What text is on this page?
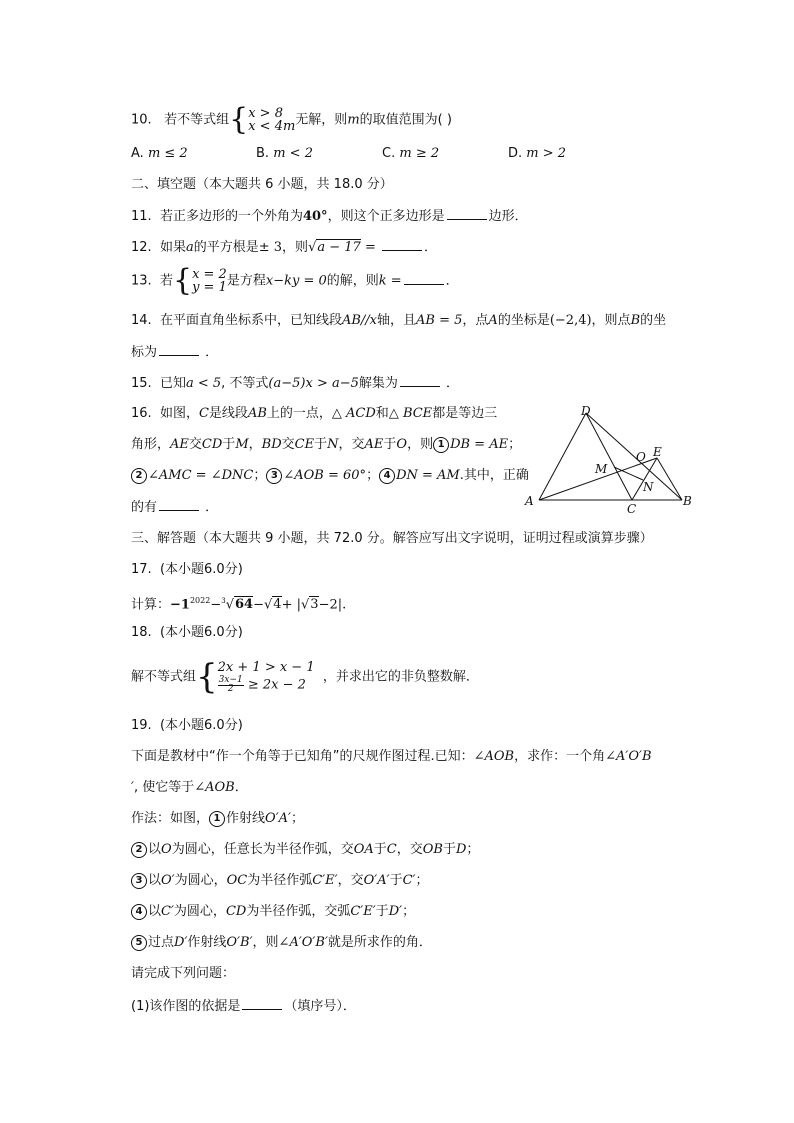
10. 若不等式组{x > 8
x < 4m无解，则m的取值范围为( )
A. m ≤ 2	B. m < 2	C. m ≥ 2	D. m > 2
二、填空题（本大题共 6 小题，共 18.0 分）
11. 若正多边形的一个外角为40°，则这个正多边形是	边形．
12. 如果a的平方根是± 3，则√a − 17 =	．
13. 若{x = 2
y = 1是方程x−ky = 0的解，则k =	．
14. 在平面直角坐标系中，已知线段AB//x轴，且AB = 5，点A的坐标是(−2,4)，则点B的坐
标为	．
15. 已知a < 5, 不等式(a−5)x > a−5解集为	．
16. 如图，C是线段AB上的一点，△ ACD和△ BCE都是等边三
角形，AE交CD于M，BD交CE于N，交AE于O，则 1 DB = AE；
2 ∠AMC = ∠DNC； 3 ∠AOB = 60°； 4 DN = AM.其中，正确
的有	．
D
E
O
M
N
A
C
B
三、解答题（本大题共 9 小题，共 72.0 分。解答应写出文字说明，证明过程或演算步骤）
17. (本小题6.0分)
计算：$-1^{2022}-^3√64-√4+ |√3-2|$.
18. (本小题6.0分)
解不等式组{2x + 1 > x − 1
$\frac{3x-1}{2} \ge 2x - 2$  ，并求出它的非负整数解．
19. (本小题6.0分)
下面是教材中“作一个角等于已知角”的尺规作图过程.已知：∠AOB，求作：一个角∠A′O′B
′, 使它等于∠AOB．
作法：如图， 1 作射线O′A′；
2 以O为圆心，任意长为半径作弧，交OA于C，交OB于D；
3 以O′为圆心，OC为半径作弧C′E′，交O′A′于C′；
4 以C′为圆心，CD为半径作弧，交弧C′E′于D′；
5 过点D′作射线O′B′，则∠A′O′B′就是所求作的角．
请完成下列问题：
(1)该作图的依据是	（填序号）．
